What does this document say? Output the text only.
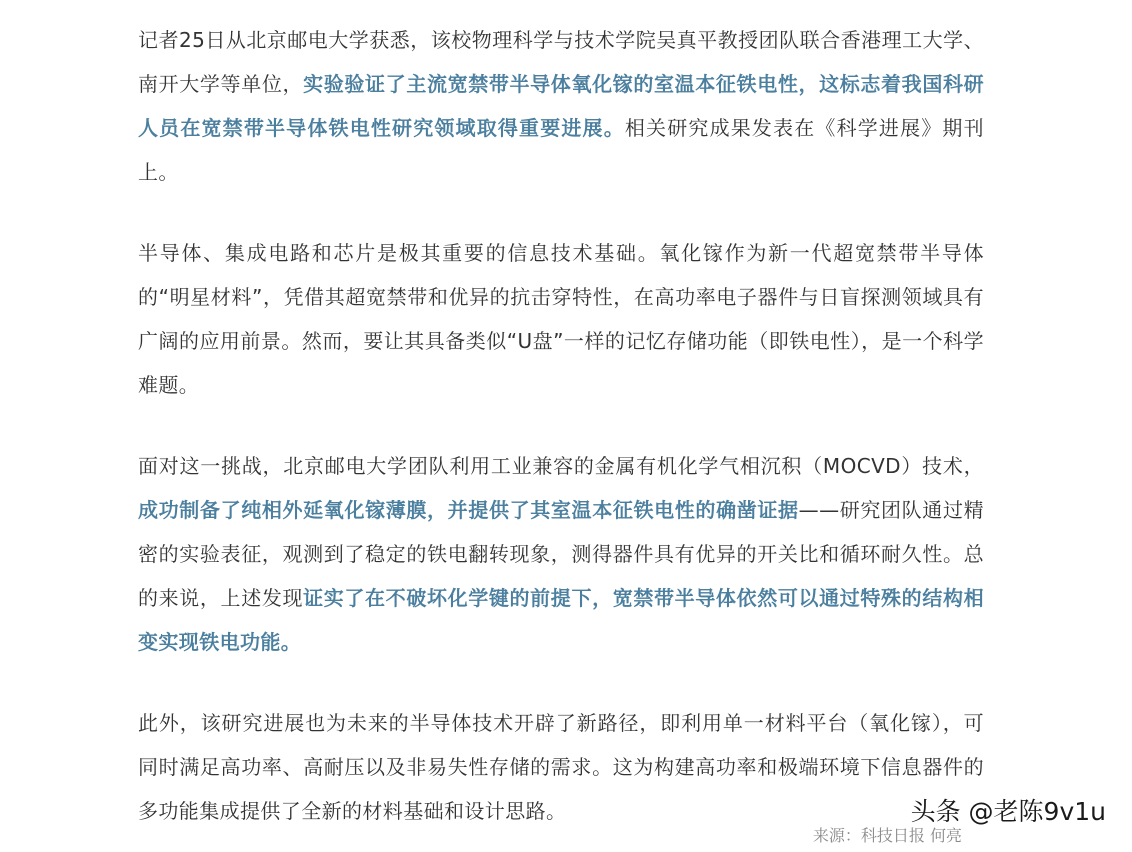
记者25日从北京邮电大学获悉，该校物理科学与技术学院吴真平教授团队联合香港理工大学、南开大学等单位，实验验证了主流宽禁带半导体氧化镓的室温本征铁电性，这标志着我国科研人员在宽禁带半导体铁电性研究领域取得重要进展。相关研究成果发表在《科学进展》期刊上。

半导体、集成电路和芯片是极其重要的信息技术基础。氧化镓作为新一代超宽禁带半导体的“明星材料”，凭借其超宽禁带和优异的抗击穿特性，在高功率电子器件与日盲探测领域具有广阔的应用前景。然而，要让其具备类似“U盘”一样的记忆存储功能（即铁电性），是一个科学难题。

面对这一挑战，北京邮电大学团队利用工业兼容的金属有机化学气相沉积（MOCVD）技术，成功制备了纯相外延氧化镓薄膜，并提供了其室温本征铁电性的确凿证据——研究团队通过精密的实验表征，观测到了稳定的铁电翻转现象，测得器件具有优异的开关比和循环耐久性。总的来说，上述发现证实了在不破坏化学键的前提下，宽禁带半导体依然可以通过特殊的结构相变实现铁电功能。

此外，该研究进展也为未来的半导体技术开辟了新路径，即利用单一材料平台（氧化镓），可同时满足高功率、高耐压以及非易失性存储的需求。这为构建高功率和极端环境下信息器件的多功能集成提供了全新的材料基础和设计思路。

来源：科技日报 何亮
头条 @老陈9v1u
